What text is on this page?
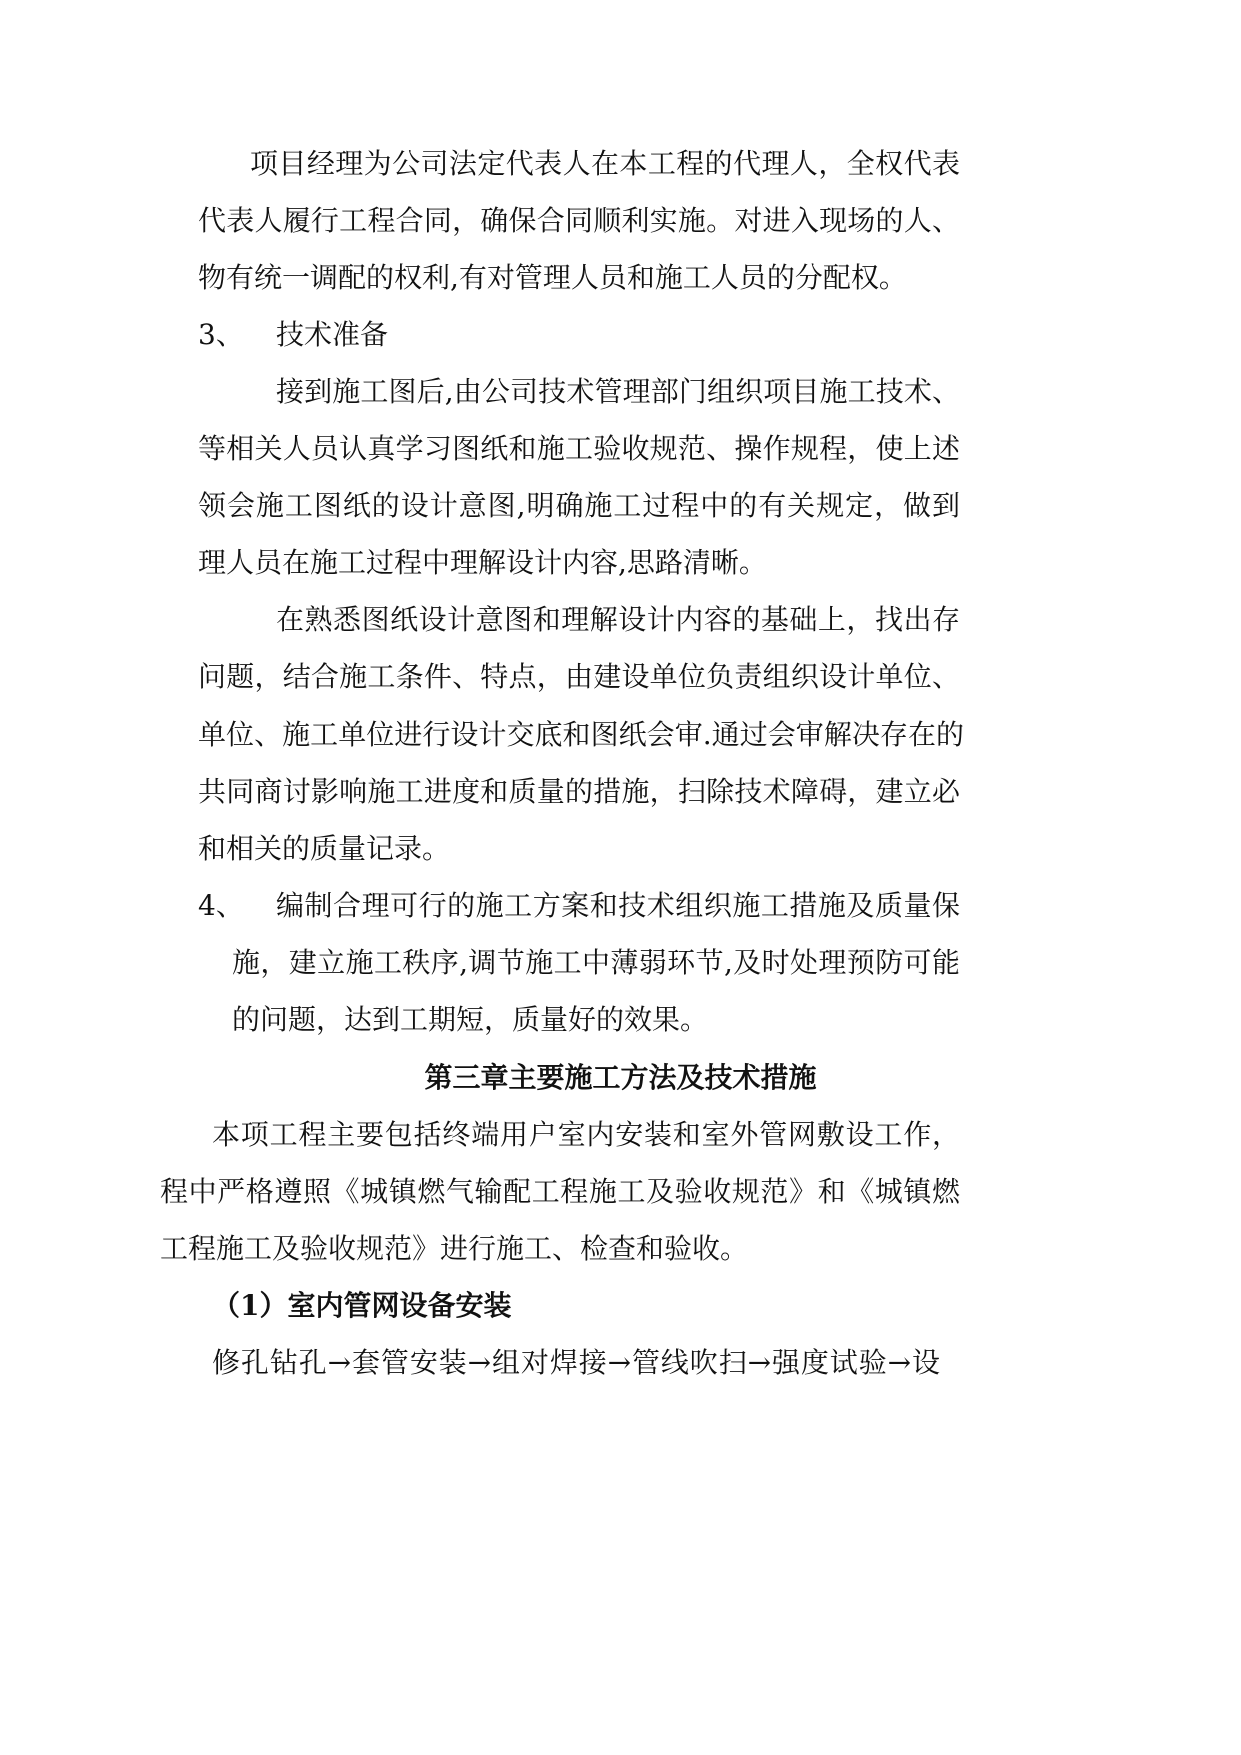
项目经理为公司法定代表人在本工程的代理人，全权代表

代表人履行工程合同，确保合同顺利实施。对进入现场的人、

物有统一调配的权利,有对管理人员和施工人员的分配权。

3、 技术准备

接到施工图后,由公司技术管理部门组织项目施工技术、

等相关人员认真学习图纸和施工验收规范、操作规程，使上述

领会施工图纸的设计意图,明确施工过程中的有关规定，做到

理人员在施工过程中理解设计内容,思路清晰。

在熟悉图纸设计意图和理解设计内容的基础上，找出存

问题，结合施工条件、特点，由建设单位负责组织设计单位、

单位、施工单位进行设计交底和图纸会审.通过会审解决存在的

共同商讨影响施工进度和质量的措施，扫除技术障碍，建立必

和相关的质量记录。

4、 编制合理可行的施工方案和技术组织施工措施及质量保

施，建立施工秩序,调节施工中薄弱环节,及时处理预防可能

的问题，达到工期短，质量好的效果。

第三章主要施工方法及技术措施

本项工程主要包括终端用户室内安装和室外管网敷设工作，

程中严格遵照《城镇燃气输配工程施工及验收规范》和《城镇燃

工程施工及验收规范》进行施工、检查和验收。

（1）室内管网设备安装

修孔钻孔→套管安装→组对焊接→管线吹扫→强度试验→设
